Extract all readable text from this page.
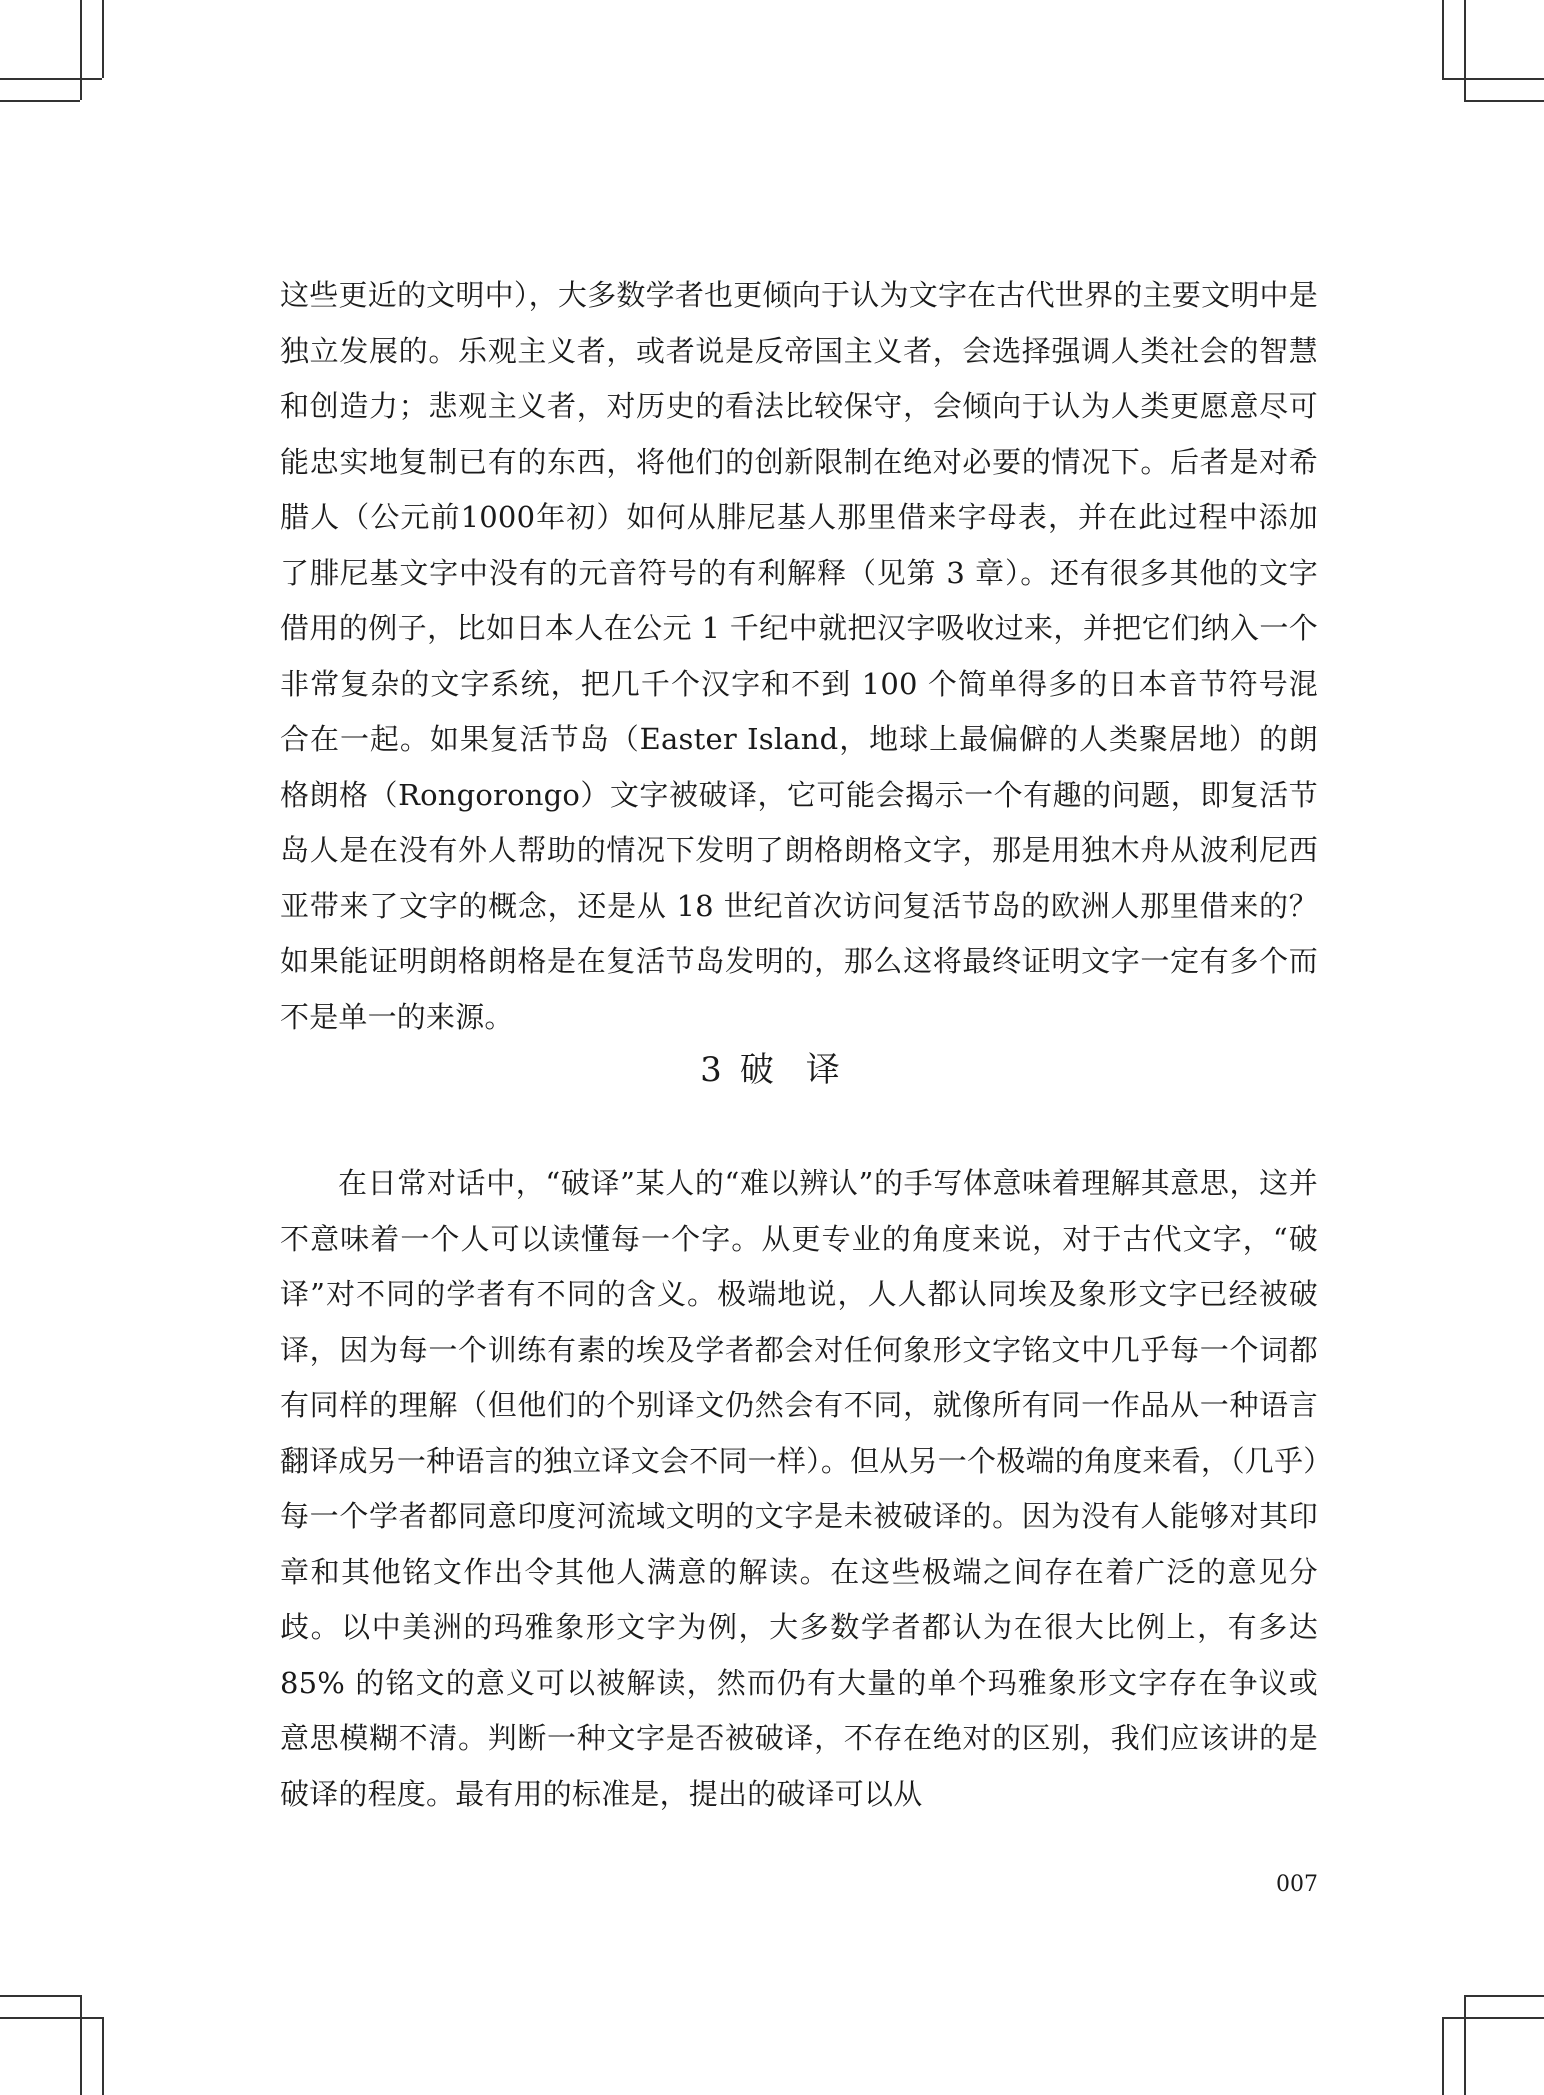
这些更近的文明中），大多数学者也更倾向于认为文字在古代世界的主要文明中是独立发展的。乐观主义者，或者说是反帝国主义者，会选择强调人类社会的智慧和创造力；悲观主义者，对历史的看法比较保守，会倾向于认为人类更愿意尽可能忠实地复制已有的东西，将他们的创新限制在绝对必要的情况下。后者是对希腊人（公元前1000年初）如何从腓尼基人那里借来字母表，并在此过程中添加了腓尼基文字中没有的元音符号的有利解释（见第 3 章）。还有很多其他的文字借用的例子，比如日本人在公元 1 千纪中就把汉字吸收过来，并把它们纳入一个非常复杂的文字系统，把几千个汉字和不到 100 个简单得多的日本音节符号混合在一起。如果复活节岛（Easter Island，地球上最偏僻的人类聚居地）的朗格朗格（Rongorongo）文字被破译，它可能会揭示一个有趣的问题，即复活节岛人是在没有外人帮助的情况下发明了朗格朗格文字，那是用独木舟从波利尼西亚带来了文字的概念，还是从 18 世纪首次访问复活节岛的欧洲人那里借来的？如果能证明朗格朗格是在复活节岛发明的，那么这将最终证明文字一定有多个而不是单一的来源。

3 破 译

在日常对话中，“破译”某人的“难以辨认”的手写体意味着理解其意思，这并不意味着一个人可以读懂每一个字。从更专业的角度来说，对于古代文字，“破译”对不同的学者有不同的含义。极端地说，人人都认同埃及象形文字已经被破译，因为每一个训练有素的埃及学者都会对任何象形文字铭文中几乎每一个词都有同样的理解（但他们的个别译文仍然会有不同，就像所有同一作品从一种语言翻译成另一种语言的独立译文会不同一样）。但从另一个极端的角度来看，（几乎）每一个学者都同意印度河流域文明的文字是未被破译的。因为没有人能够对其印章和其他铭文作出令其他人满意的解读。在这些极端之间存在着广泛的意见分歧。以中美洲的玛雅象形文字为例，大多数学者都认为在很大比例上，有多达 85% 的铭文的意义可以被解读，然而仍有大量的单个玛雅象形文字存在争议或意思模糊不清。判断一种文字是否被破译，不存在绝对的区别，我们应该讲的是破译的程度。最有用的标准是，提出的破译可以从

007
